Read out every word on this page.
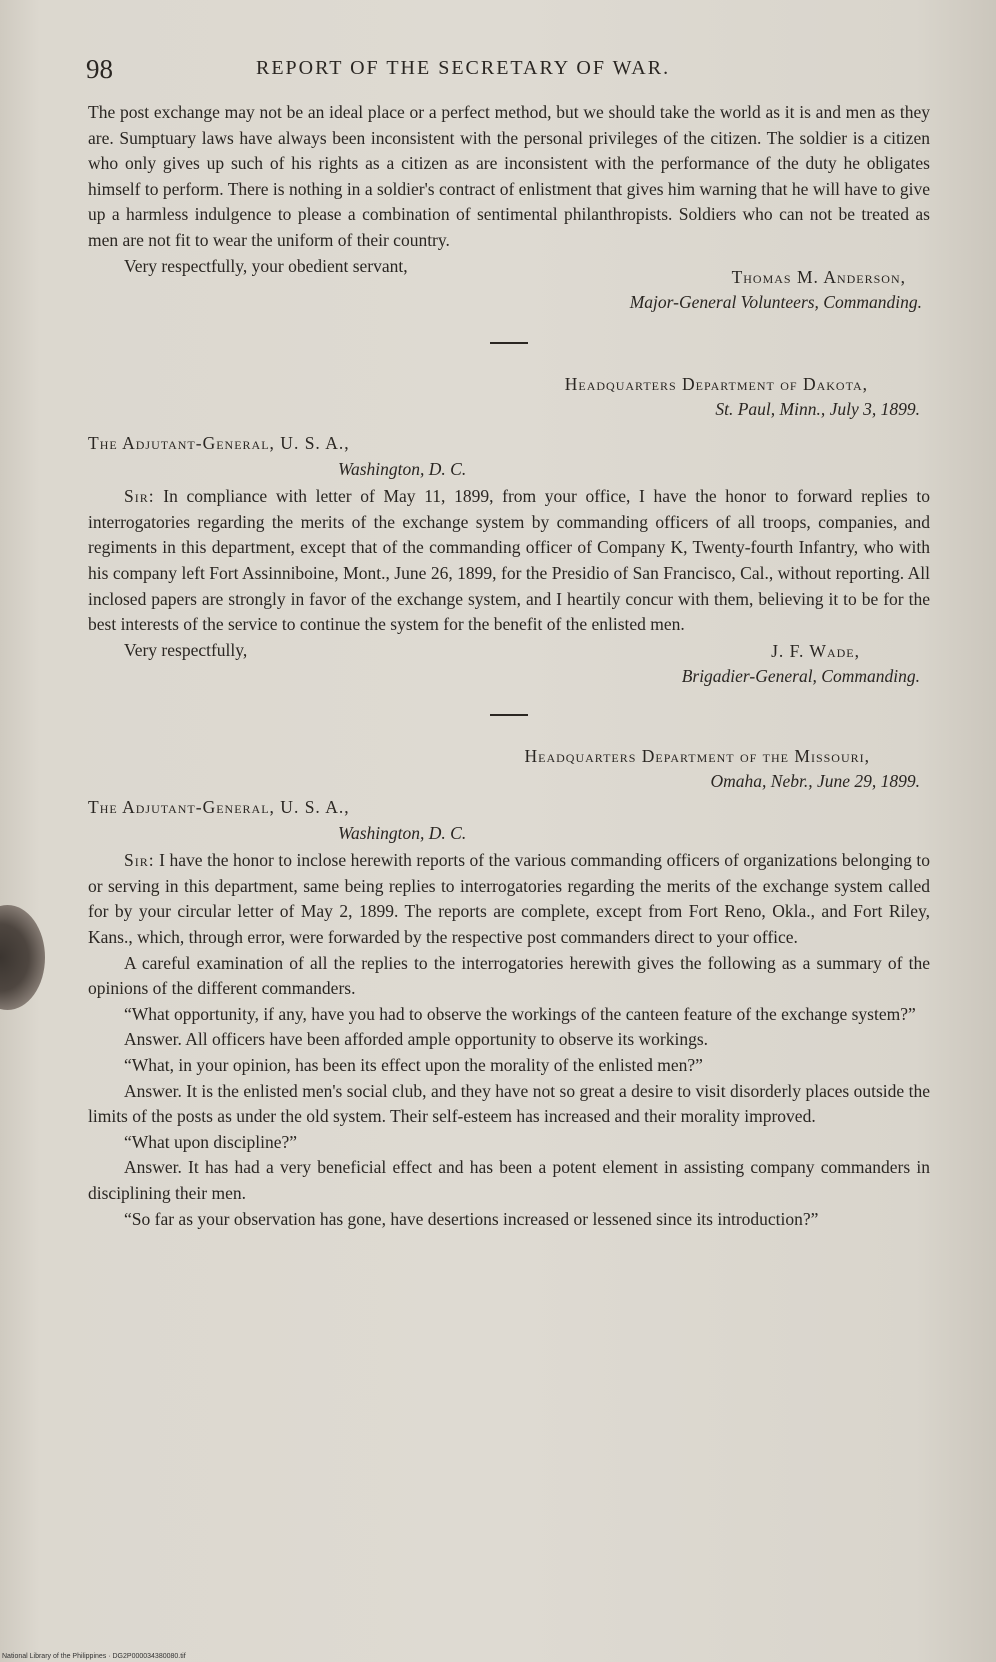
98	REPORT OF THE SECRETARY OF WAR.

The post exchange may not be an ideal place or a perfect method, but we should take the world as it is and men as they are. Sumptuary laws have always been inconsistent with the personal privileges of the citizen. The soldier is a citizen who only gives up such of his rights as a citizen as are inconsistent with the performance of the duty he obligates himself to perform. There is nothing in a soldier's contract of enlistment that gives him warning that he will have to give up a harmless indulgence to please a combination of sentimental philanthropists. Soldiers who can not be treated as men are not fit to wear the uniform of their country.

Very respectfully, your obedient servant,

Thomas M. Anderson,

Major-General Volunteers, Commanding.

Headquarters Department of Dakota,

St. Paul, Minn., July 3, 1899.

The Adjutant-General, U. S. A.,

Washington, D. C.

Sir: In compliance with letter of May 11, 1899, from your office, I have the honor to forward replies to interrogatories regarding the merits of the exchange system by commanding officers of all troops, companies, and regiments in this department, except that of the commanding officer of Company K, Twenty-fourth Infantry, who with his company left Fort Assinniboine, Mont., June 26, 1899, for the Presidio of San Francisco, Cal., without reporting. All inclosed papers are strongly in favor of the exchange system, and I heartily concur with them, believing it to be for the best interests of the service to continue the system for the benefit of the enlisted men.

Very respectfully,	J. F. Wade,

Brigadier-General, Commanding.

Headquarters Department of the Missouri,

Omaha, Nebr., June 29, 1899.

The Adjutant-General, U. S. A.,

Washington, D. C.

Sir: I have the honor to inclose herewith reports of the various commanding officers of organizations belonging to or serving in this department, same being replies to interrogatories regarding the merits of the exchange system called for by your circular letter of May 2, 1899. The reports are complete, except from Fort Reno, Okla., and Fort Riley, Kans., which, through error, were forwarded by the respective post commanders direct to your office.

A careful examination of all the replies to the interrogatories herewith gives the following as a summary of the opinions of the different commanders.

“What opportunity, if any, have you had to observe the workings of the canteen feature of the exchange system?”

Answer. All officers have been afforded ample opportunity to observe its workings.

“What, in your opinion, has been its effect upon the morality of the enlisted men?”

Answer. It is the enlisted men's social club, and they have not so great a desire to visit disorderly places outside the limits of the posts as under the old system. Their self-esteem has increased and their morality improved.

“What upon discipline?”

Answer. It has had a very beneficial effect and has been a potent element in assisting company commanders in disciplining their men.

“So far as your observation has gone, have desertions increased or lessened since its introduction?”

National Library of the Philippines · DG2P000034380080.tif
